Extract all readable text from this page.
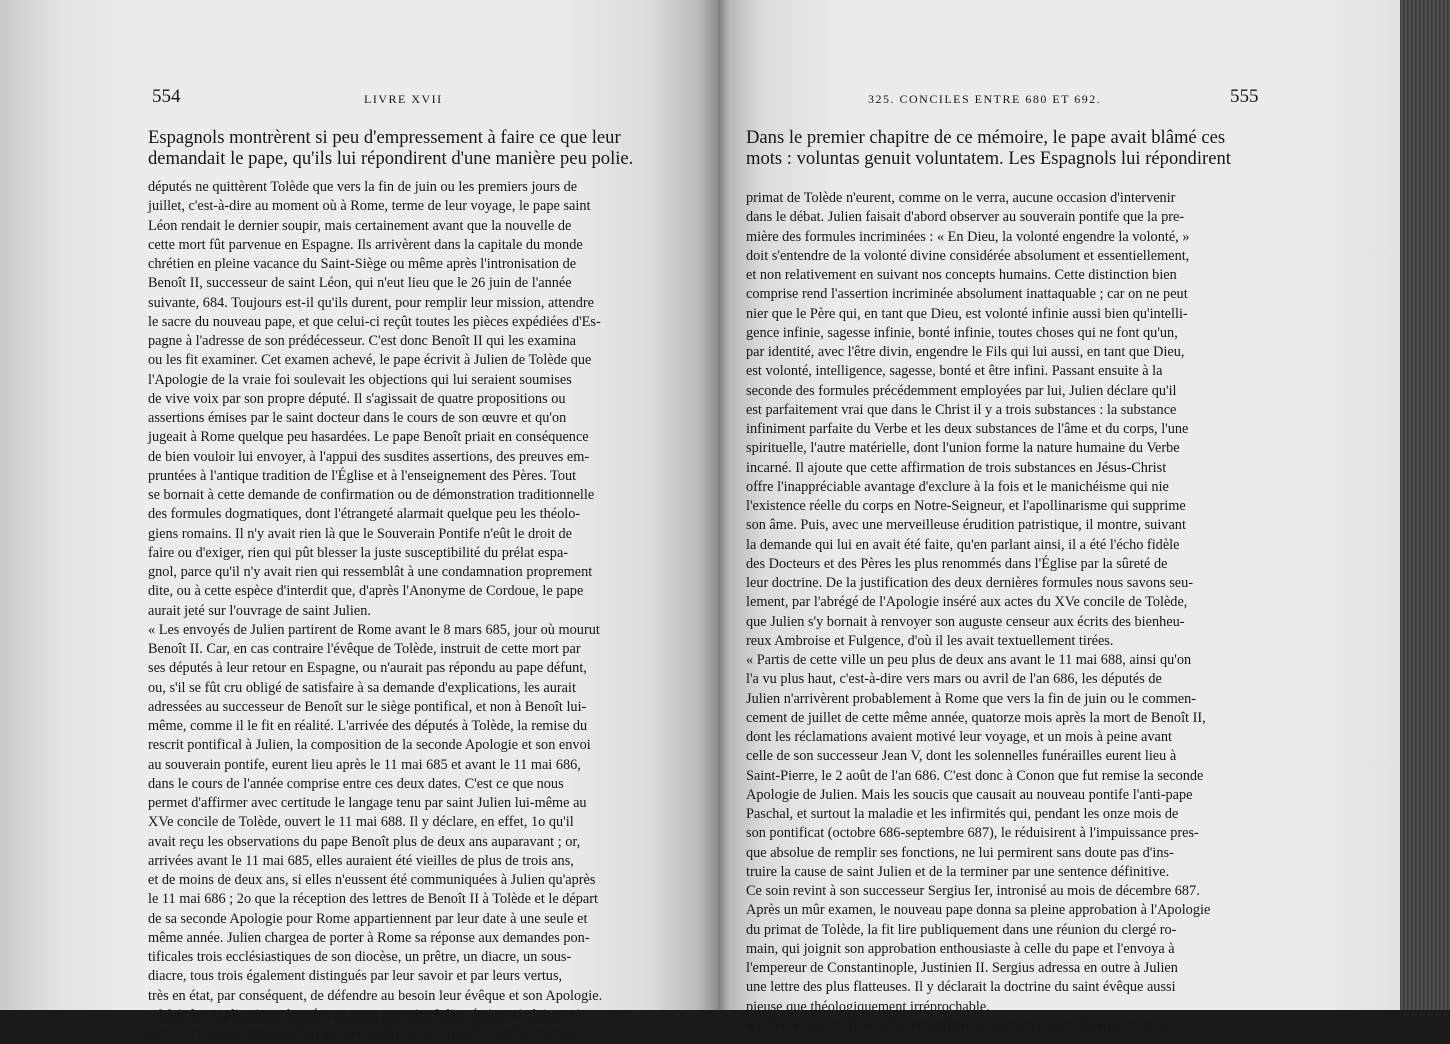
554	LIVRE XVII
Espagnols montrèrent si peu d'empressement à faire ce que leur
demandait le pape, qu'ils lui répondirent d'une manière peu polie.
députés ne quittèrent Tolède que vers la fin de juin ou les premiers jours de
juillet, c'est-à-dire au moment où à Rome, terme de leur voyage, le pape saint
Léon rendait le dernier soupir, mais certainement avant que la nouvelle de
cette mort fût parvenue en Espagne. Ils arrivèrent dans la capitale du monde
chrétien en pleine vacance du Saint-Siège ou même après l'intronisation de
Benoît II, successeur de saint Léon, qui n'eut lieu que le 26 juin de l'année
suivante, 684. Toujours est-il qu'ils durent, pour remplir leur mission, attendre
le sacre du nouveau pape, et que celui-ci reçût toutes les pièces expédiées d'Es-
pagne à l'adresse de son prédécesseur. C'est donc Benoît II qui les examina
ou les fit examiner. Cet examen achevé, le pape écrivit à Julien de Tolède que
l'Apologie de la vraie foi soulevait les objections qui lui seraient soumises
de vive voix par son propre député. Il s'agissait de quatre propositions ou
assertions émises par le saint docteur dans le cours de son œuvre et qu'on
jugeait à Rome quelque peu hasardées. Le pape Benoît priait en conséquence
de bien vouloir lui envoyer, à l'appui des susdites assertions, des preuves em-
pruntées à l'antique tradition de l'Église et à l'enseignement des Pères. Tout
se bornait à cette demande de confirmation ou de démonstration traditionnelle
des formules dogmatiques, dont l'étrangeté alarmait quelque peu les théolo-
giens romains. Il n'y avait rien là que le Souverain Pontife n'eût le droit de
faire ou d'exiger, rien qui pût blesser la juste susceptibilité du prélat espa-
gnol, parce qu'il n'y avait rien qui ressemblât à une condamnation proprement
dite, ou à cette espèce d'interdit que, d'après l'Anonyme de Cordoue, le pape
aurait jeté sur l'ouvrage de saint Julien.
« Les envoyés de Julien partirent de Rome avant le 8 mars 685, jour où mourut
Benoît II. Car, en cas contraire l'évêque de Tolède, instruit de cette mort par
ses députés à leur retour en Espagne, ou n'aurait pas répondu au pape défunt,
ou, s'il se fût cru obligé de satisfaire à sa demande d'explications, les aurait
adressées au successeur de Benoît sur le siège pontifical, et non à Benoît lui-
même, comme il le fit en réalité. L'arrivée des députés à Tolède, la remise du
rescrit pontifical à Julien, la composition de la seconde Apologie et son envoi
au souverain pontife, eurent lieu après le 11 mai 685 et avant le 11 mai 686,
dans le cours de l'année comprise entre ces deux dates. C'est ce que nous
permet d'affirmer avec certitude le langage tenu par saint Julien lui-même au
XVe concile de Tolède, ouvert le 11 mai 688. Il y déclare, en effet, 1o qu'il
avait reçu les observations du pape Benoît plus de deux ans auparavant ; or,
arrivées avant le 11 mai 685, elles auraient été vieilles de plus de trois ans,
et de moins de deux ans, si elles n'eussent été communiquées à Julien qu'après
le 11 mai 686 ; 2o que la réception des lettres de Benoît II à Tolède et le départ
de sa seconde Apologie pour Rome appartiennent par leur date à une seule et
même année. Julien chargea de porter à Rome sa réponse aux demandes pon-
tificales trois ecclésiastiques de son diocèse, un prêtre, un diacre, un sous-
diacre, tous trois également distingués par leur savoir et par leurs vertus,
très en état, par conséquent, de défendre au besoin leur évêque et son Apologie.
« Mais les explications données au pape par saint Julien étaient si claires, si
catégoriques et surtout si bien appuyées de preuves, que les représentants du
555
325. CONCILES ENTRE 680 ET 692.
Dans le premier chapitre de ce mémoire, le pape avait blâmé ces
mots : voluntas genuit voluntatem. Les Espagnols lui répondirent
primat de Tolède n'eurent, comme on le verra, aucune occasion d'intervenir
dans le débat. Julien faisait d'abord observer au souverain pontife que la pre-
mière des formules incriminées : « En Dieu, la volonté engendre la volonté, »
doit s'entendre de la volonté divine considérée absolument et essentiellement,
et non relativement en suivant nos concepts humains. Cette distinction bien
comprise rend l'assertion incriminée absolument inattaquable ; car on ne peut
nier que le Père qui, en tant que Dieu, est volonté infinie aussi bien qu'intelli-
gence infinie, sagesse infinie, bonté infinie, toutes choses qui ne font qu'un,
par identité, avec l'être divin, engendre le Fils qui lui aussi, en tant que Dieu,
est volonté, intelligence, sagesse, bonté et être infini. Passant ensuite à la
seconde des formules précédemment employées par lui, Julien déclare qu'il
est parfaitement vrai que dans le Christ il y a trois substances : la substance
infiniment parfaite du Verbe et les deux substances de l'âme et du corps, l'une
spirituelle, l'autre matérielle, dont l'union forme la nature humaine du Verbe
incarné. Il ajoute que cette affirmation de trois substances en Jésus-Christ
offre l'inappréciable avantage d'exclure à la fois et le manichéisme qui nie
l'existence réelle du corps en Notre-Seigneur, et l'apollinarisme qui supprime
son âme. Puis, avec une merveilleuse érudition patristique, il montre, suivant
la demande qui lui en avait été faite, qu'en parlant ainsi, il a été l'écho fidèle
des Docteurs et des Pères les plus renommés dans l'Église par la sûreté de
leur doctrine. De la justification des deux dernières formules nous savons seu-
lement, par l'abrégé de l'Apologie inséré aux actes du XVe concile de Tolède,
que Julien s'y bornait à renvoyer son auguste censeur aux écrits des bienheu-
reux Ambroise et Fulgence, d'où il les avait textuellement tirées.
« Partis de cette ville un peu plus de deux ans avant le 11 mai 688, ainsi qu'on
l'a vu plus haut, c'est-à-dire vers mars ou avril de l'an 686, les députés de
Julien n'arrivèrent probablement à Rome que vers la fin de juin ou le commen-
cement de juillet de cette même année, quatorze mois après la mort de Benoît II,
dont les réclamations avaient motivé leur voyage, et un mois à peine avant
celle de son successeur Jean V, dont les solennelles funérailles eurent lieu à
Saint-Pierre, le 2 août de l'an 686. C'est donc à Conon que fut remise la seconde
Apologie de Julien. Mais les soucis que causait au nouveau pontife l'anti-pape
Paschal, et surtout la maladie et les infirmités qui, pendant les onze mois de
son pontificat (octobre 686-septembre 687), le réduisirent à l'impuissance pres-
que absolue de remplir ses fonctions, ne lui permirent sans doute pas d'ins-
truire la cause de saint Julien et de la terminer par une sentence définitive.
Ce soin revint à son successeur Sergius Ier, intronisé au mois de décembre 687.
Après un mûr examen, le nouveau pape donna sa pleine approbation à l'Apologie
du primat de Tolède, la fit lire publiquement dans une réunion du clergé ro-
main, qui joignit son approbation enthousiaste à celle du pape et l'envoya à
l'empereur de Constantinople, Justinien II. Sergius adressa en outre à Julien
une lettre des plus flatteuses. Il y déclarait la doctrine du saint évêque aussi
pieuse que théologiquement irréprochable.
« L'heureuse conclusion de cette affaire, qui tenait les esprits en suspens à
